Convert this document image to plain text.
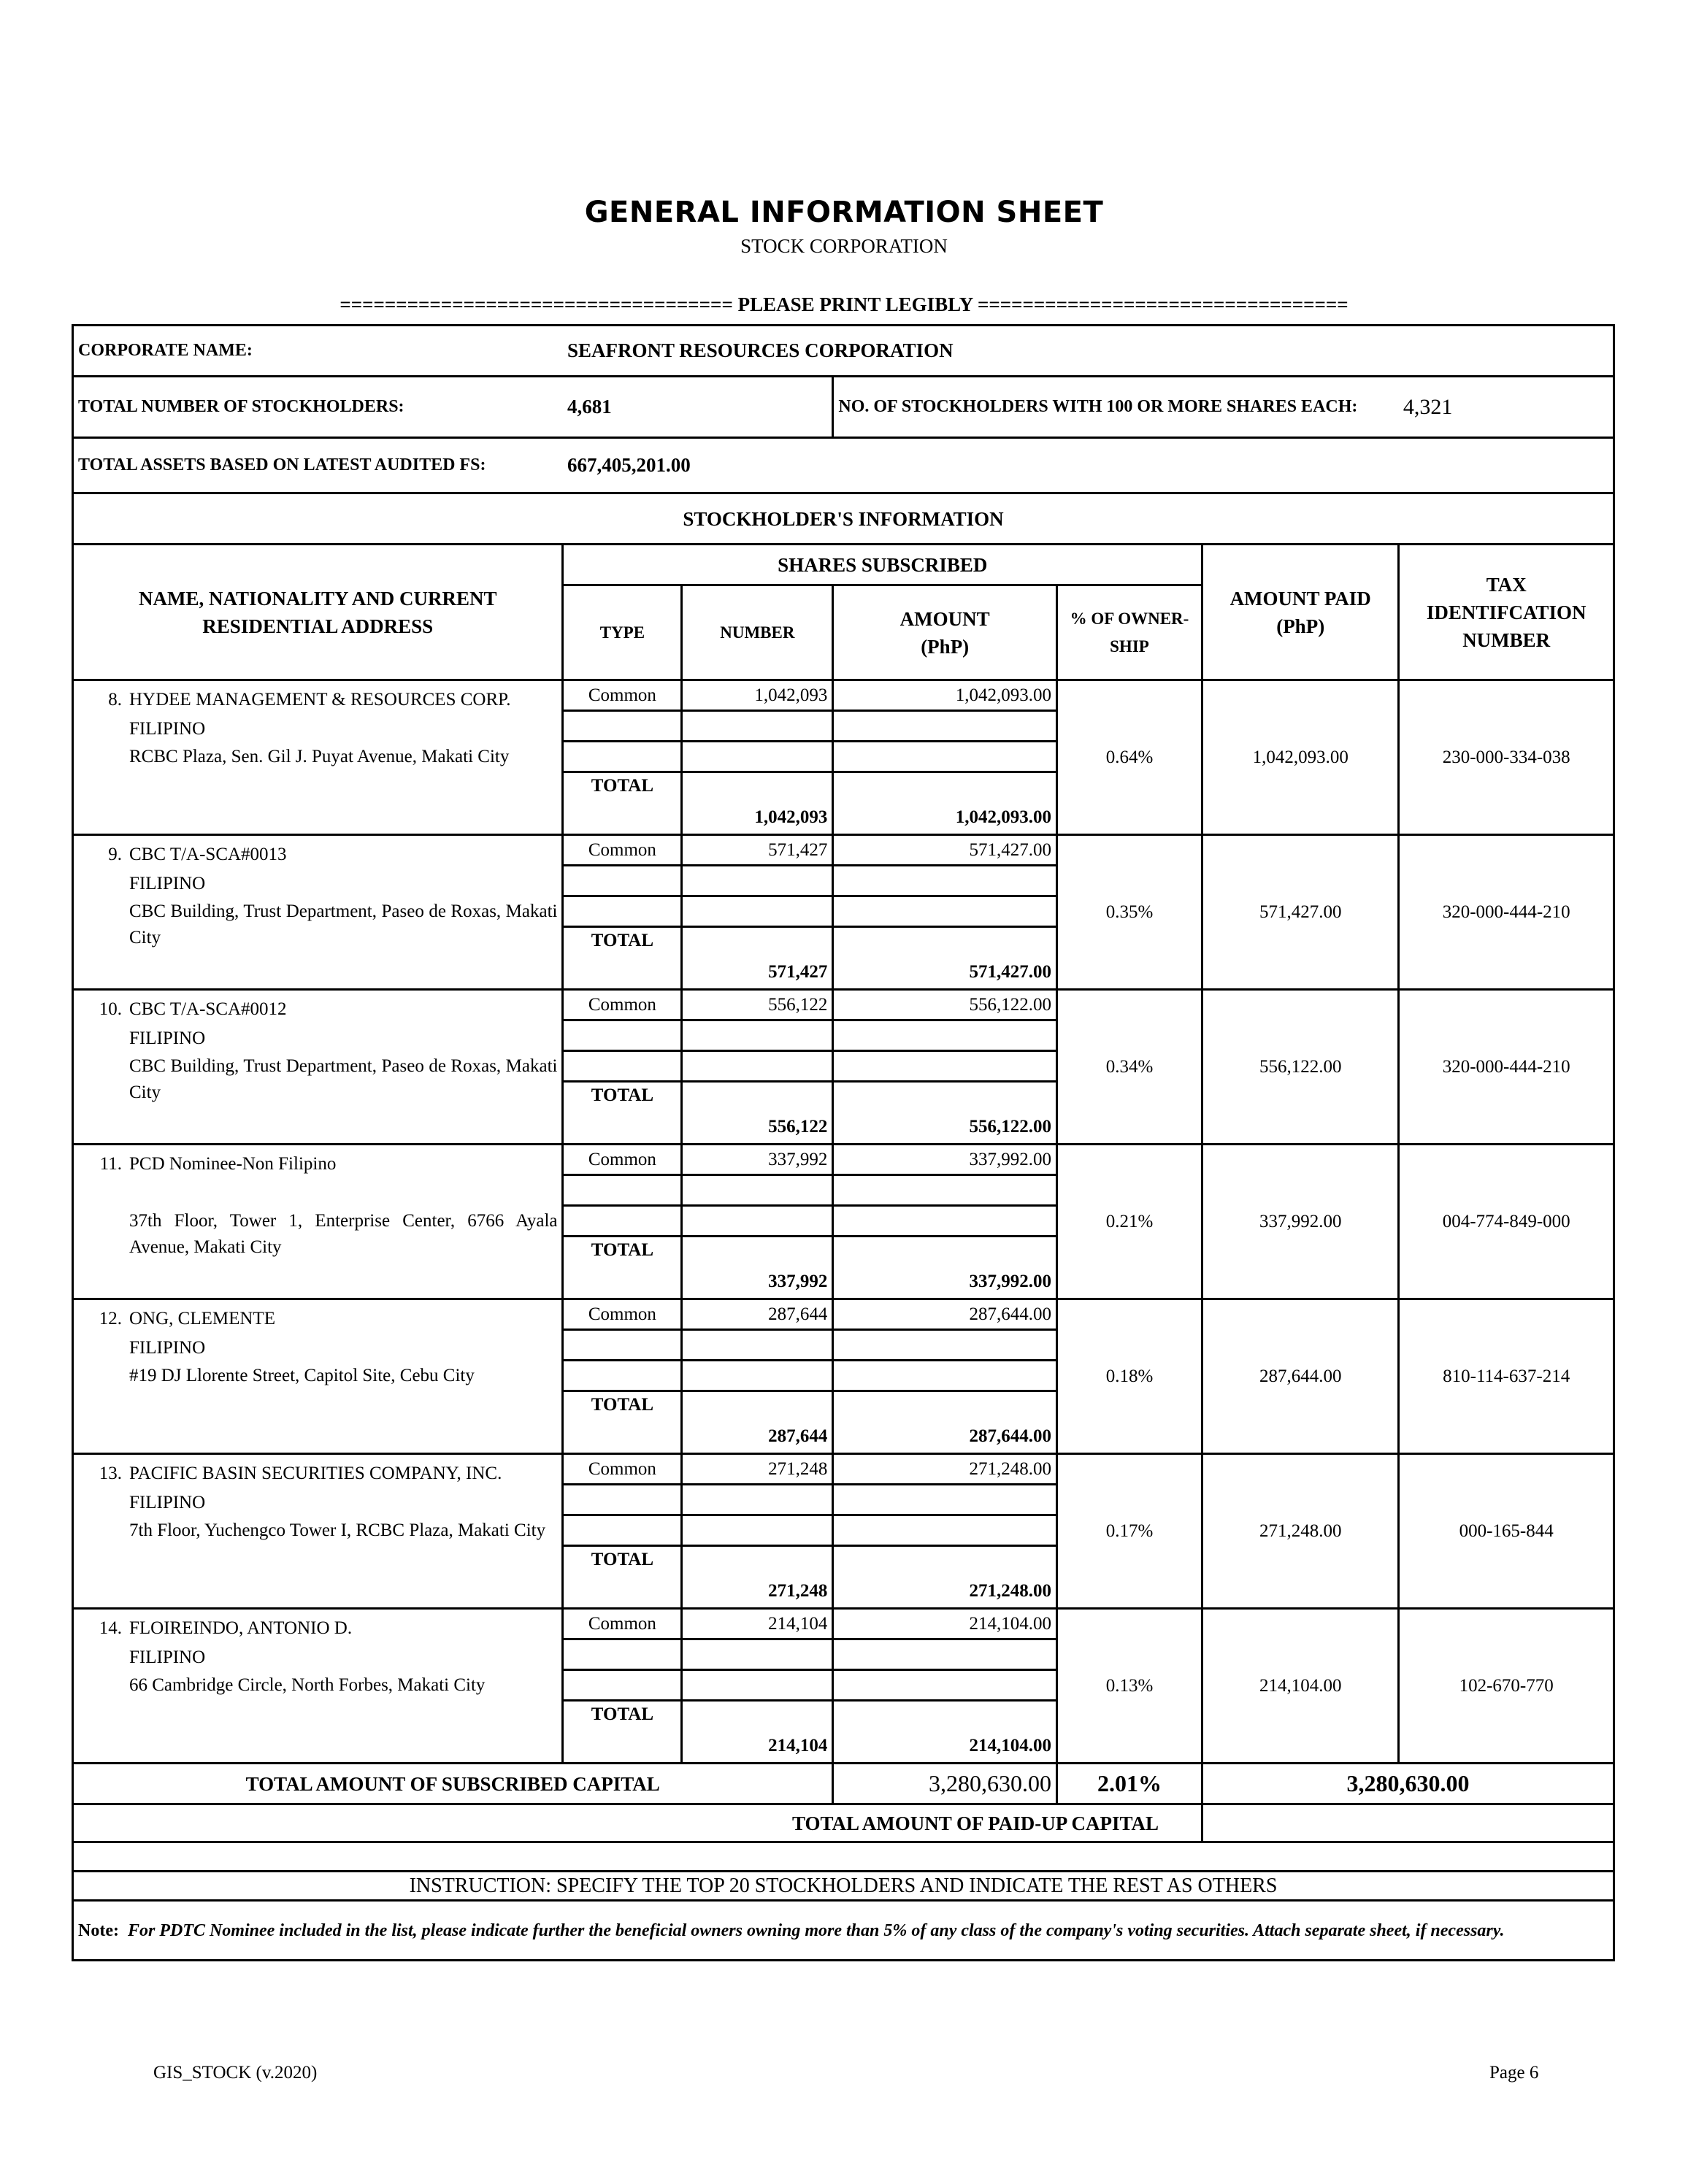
GENERAL INFORMATION SHEET
STOCK CORPORATION
=================================== PLEASE PRINT LEGIBLY =================================
CORPORATE NAME:	SEAFRONT RESOURCES CORPORATION					
TOTAL NUMBER OF STOCKHOLDERS:	4,681		NO. OF STOCKHOLDERS WITH 100 OR MORE SHARES EACH:			4,321
TOTAL ASSETS BASED ON LATEST AUDITED FS:	667,405,201.00					
STOCKHOLDER'S INFORMATION						
NAME, NATIONALITY AND CURRENT RESIDENTIAL ADDRESS	SHARES SUBSCRIBED				AMOUNT PAID (PhP)	TAX IDENTIFCATION NUMBER
	TYPE	NUMBER	AMOUNT (PhP)	% OF OWNER-SHIP		

8. HYDEE MANAGEMENT & RESOURCES CORP.
FILIPINO
RCBC Plaza, Sen. Gil J. Puyat Avenue, Makati City	Common	1,042,093	1,042,093.00	0.64%	1,042,093.00	230-000-334-038

	TOTAL	1,042,093	1,042,093.00			

9. CBC T/A-SCA#0013
FILIPINO
CBC Building, Trust Department, Paseo de Roxas, Makati City	Common	571,427	571,427.00	0.35%	571,427.00	320-000-444-210

	TOTAL	571,427	571,427.00			

10. CBC T/A-SCA#0012
FILIPINO
CBC Building, Trust Department, Paseo de Roxas, Makati City	Common	556,122	556,122.00	0.34%	556,122.00	320-000-444-210

	TOTAL	556,122	556,122.00			

11. PCD Nominee-Non Filipino
37th Floor, Tower 1, Enterprise Center, 6766 Ayala Avenue, Makati City	Common	337,992	337,992.00	0.21%	337,992.00	004-774-849-000

	TOTAL	337,992	337,992.00			

12. ONG, CLEMENTE
FILIPINO
#19 DJ Llorente Street, Capitol Site, Cebu City	Common	287,644	287,644.00	0.18%	287,644.00	810-114-637-214

	TOTAL	287,644	287,644.00			

13. PACIFIC BASIN SECURITIES COMPANY, INC.
FILIPINO
7th Floor, Yuchengco Tower I, RCBC Plaza, Makati City	Common	271,248	271,248.00	0.17%	271,248.00	000-165-844

	TOTAL	271,248	271,248.00			

14. FLOIREINDO, ANTONIO D.
FILIPINO
66 Cambridge Circle, North Forbes, Makati City	Common	214,104	214,104.00	0.13%	214,104.00	102-670-770

	TOTAL	214,104	214,104.00			
TOTAL AMOUNT OF SUBSCRIBED CAPITAL			3,280,630.00	2.01%	3,280,630.00	
TOTAL AMOUNT OF PAID-UP CAPITAL						

INSTRUCTION: SPECIFY THE TOP 20 STOCKHOLDERS AND INDICATE THE REST AS OTHERS						
Note: For PDTC Nominee included in the list, please indicate further the beneficial owners owning more than 5% of any class of the company's voting securities. Attach separate sheet, if necessary.						
GIS_STOCK (v.2020)	Page 6
